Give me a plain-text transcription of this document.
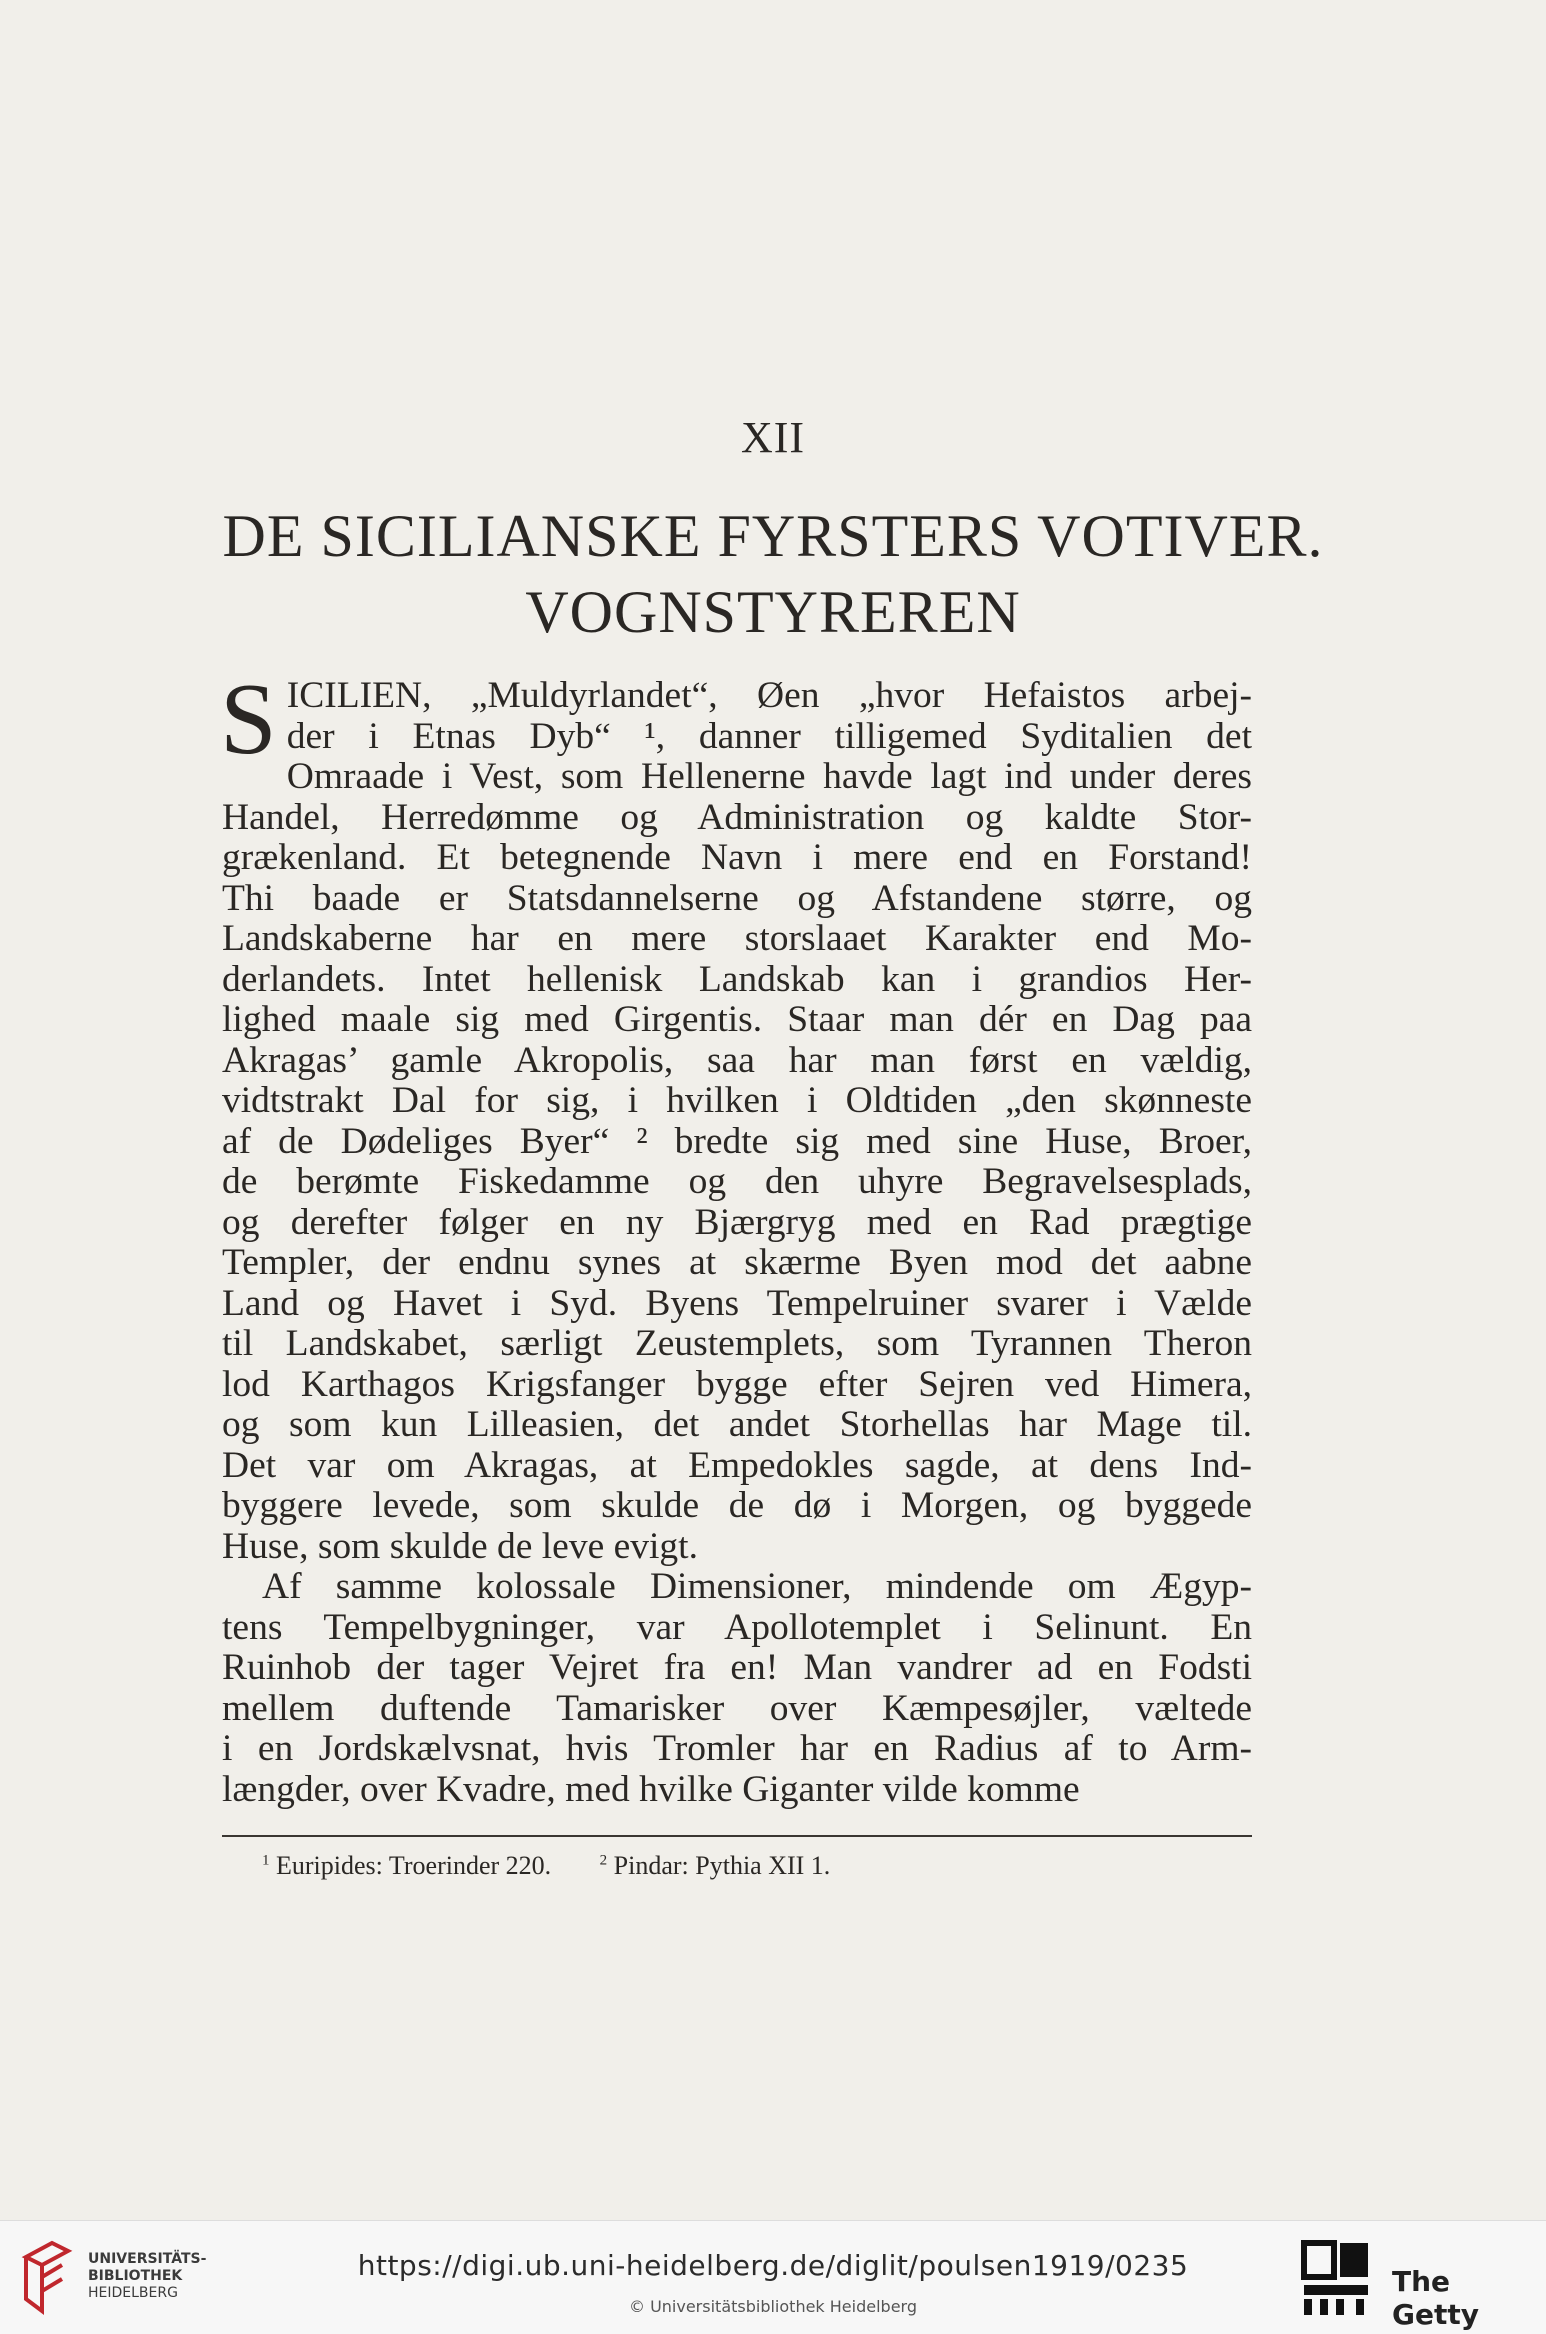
XII
DE SICILIANSKE FYRSTERS VOTIVER.
VOGNSTYREREN
S ICILIEN, „Muldyrlandet“, Øen „hvor Hefaistos arbej-
der i Etnas Dyb“ ¹, danner tilligemed Syditalien det
Omraade i Vest, som Hellenerne havde lagt ind under deres
Handel, Herredømme og Administration og kaldte Stor-
grækenland. Et betegnende Navn i mere end en Forstand!
Thi baade er Statsdannelserne og Afstandene større, og
Landskaberne har en mere storslaaet Karakter end Mo-
derlandets. Intet hellenisk Landskab kan i grandios Her-
lighed maale sig med Girgentis. Staar man dér en Dag paa
Akragas’ gamle Akropolis, saa har man først en vældig,
vidtstrakt Dal for sig, i hvilken i Oldtiden „den skønneste
af de Dødeliges Byer“ ² bredte sig med sine Huse, Broer,
de berømte Fiskedamme og den uhyre Begravelsesplads,
og derefter følger en ny Bjærgryg med en Rad prægtige
Templer, der endnu synes at skærme Byen mod det aabne
Land og Havet i Syd. Byens Tempelruiner svarer i Vælde
til Landskabet, særligt Zeustemplets, som Tyrannen Theron
lod Karthagos Krigsfanger bygge efter Sejren ved Himera,
og som kun Lilleasien, det andet Storhellas har Mage til.
Det var om Akragas, at Empedokles sagde, at dens Ind-
byggere levede, som skulde de dø i Morgen, og byggede
Huse, som skulde de leve evigt.
Af samme kolossale Dimensioner, mindende om Ægyp-
tens Tempelbygninger, var Apollotemplet i Selinunt. En
Ruinhob der tager Vejret fra en! Man vandrer ad en Fodsti
mellem duftende Tamarisker over Kæmpesøjler, væltede
i en Jordskælvsnat, hvis Tromler har en Radius af to Arm-
længder, over Kvadre, med hvilke Giganter vilde komme
$^1$ Euripides: Troerinder 220.	$^2$ Pindar: Pythia XII 1.
UNIVERSITÄTS-
BIBLIOTHEK
HEIDELBERG
https://digi.ub.uni-heidelberg.de/diglit/poulsen1919/0235
© Universitätsbibliothek Heidelberg
The Getty
